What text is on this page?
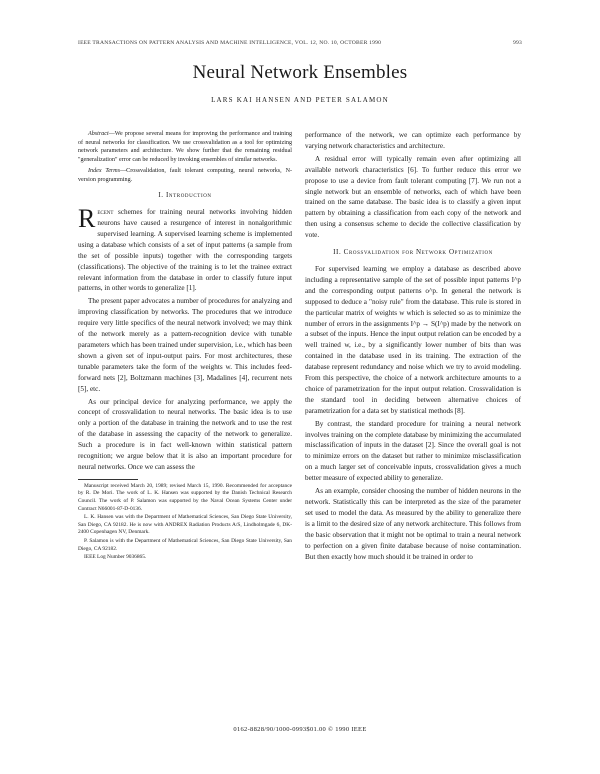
IEEE TRANSACTIONS ON PATTERN ANALYSIS AND MACHINE INTELLIGENCE, VOL. 12, NO. 10, OCTOBER 1990	993
Neural Network Ensembles
LARS KAI HANSEN AND PETER SALAMON

Abstract—We propose several means for improving the performance and training of neural networks for classification. We use crossvalidation as a tool for optimizing network parameters and architecture. We show further that the remaining residual "generalization" error can be reduced by invoking ensembles of similar networks.

Index Terms—Crossvalidation, fault tolerant computing, neural networks, N-version programming.

I. Introduction

Recent schemes for training neural networks involving hidden neurons have caused a resurgence of interest in nonalgorithmic supervised learning. A supervised learning scheme is implemented using a database which consists of a set of input patterns (a sample from the set of possible inputs) together with the corresponding targets (classifications). The objective of the training is to let the trainee extract relevant information from the database in order to classify future input patterns, in other words to generalize [1].

The present paper advocates a number of procedures for analyzing and improving classification by networks. The procedures that we introduce require very little specifics of the neural network involved; we may think of the network merely as a pattern-recognition device with tunable parameters which has been trained under supervision, i.e., which has been shown a given set of input-output pairs. For most architectures, these tunable parameters take the form of the weights w. This includes feed-forward nets [2], Boltzmann machines [3], Madalines [4], recurrent nets [5], etc.

As our principal device for analyzing performance, we apply the concept of crossvalidation to neural networks. The basic idea is to use only a portion of the database in training the network and to use the rest of the database in assessing the capacity of the network to generalize. Such a procedure is in fact well-known within statistical pattern recognition; we argue below that it is also an important procedure for neural networks. Once we can assess the

Manuscript received March 20, 1989; revised March 15, 1990. Recommended for acceptance by R. De Mori. The work of L. K. Hansen was supported by the Danish Technical Research Council. The work of P. Salamon was supported by the Naval Ocean Systems Center under Contract N66001-87-D-0136.

L. K. Hansen was with the Department of Mathematical Sciences, San Diego State University, San Diego, CA 92182. He is now with ANDREX Radiation Products A/S, Lindholmgade 6, DK-2400 Copenhagen NV, Denmark.

P. Salamon is with the Department of Mathematical Sciences, San Diego State University, San Diego, CA 92182.

IEEE Log Number 9036865.

performance of the network, we can optimize each performance by varying network characteristics and architecture.

A residual error will typically remain even after optimizing all available network characteristics [6]. To further reduce this error we propose to use a device from fault tolerant computing [7]. We run not a single network but an ensemble of networks, each of which have been trained on the same database. The basic idea is to classify a given input pattern by obtaining a classification from each copy of the network and then using a consensus scheme to decide the collective classification by vote.

II. Crossvalidation for Network Optimization

For supervised learning we employ a database as described above including a representative sample of the set of possible input patterns I^p and the corresponding output patterns o^p. In general the network is supposed to deduce a "noisy rule" from the database. This rule is stored in the particular matrix of weights w which is selected so as to minimize the number of errors in the assignments I^p → S(I^p) made by the network on a subset of the inputs. Hence the input output relation can be encoded by a well trained w, i.e., by a significantly lower number of bits than was contained in the database used in its training. The extraction of the database represent redundancy and noise which we try to avoid modeling. From this perspective, the choice of a network architecture amounts to a choice of parametrization for the input output relation. Crossvalidation is the standard tool in deciding between alternative choices of parametrization for a data set by statistical methods [8].

By contrast, the standard procedure for training a neural network involves training on the complete database by minimizing the accumulated misclassification of inputs in the dataset [2]. Since the overall goal is not to minimize errors on the dataset but rather to minimize misclassification on a much larger set of conceivable inputs, crossvalidation gives a much better measure of expected ability to generalize.

As an example, consider choosing the number of hidden neurons in the network. Statistically this can be interpreted as the size of the parameter set used to model the data. As measured by the ability to generalize there is a limit to the desired size of any network architecture. This follows from the basic observation that it might not be optimal to train a neural network to perfection on a given finite database because of noise contamination. But then exactly how much should it be trained in order to

0162-8828/90/1000-0993$01.00 © 1990 IEEE
